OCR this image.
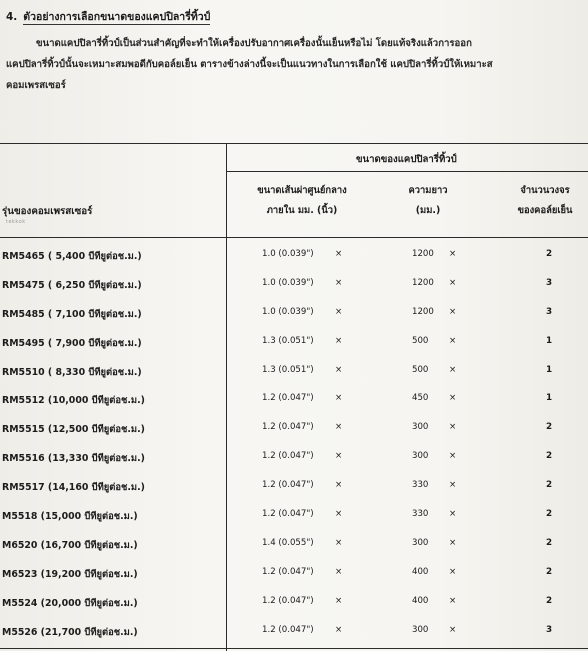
4. ตัวอย่างการเลือกขนาดของแคปปิลารี่ทิ้วป์
ขนาดแคปปิลารี่ทิ้วป์เป็นส่วนสำคัญที่จะทำให้เครื่องปรับอากาศเครื่องนั้นเย็นหรือไม่ โดยแท้จริงแล้วการออก
แคปปิลารี่ทิ้วป์นั้นจะเหมาะสมพอดีกับคอล์ยเย็น ตารางข้างล่างนี้จะเป็นแนวทางในการเลือกใช้ แคปปิลารี่ทิ้วป์ให้เหมาะส
คอมเพรสเซอร์
ขนาดของแคปปิลารี่ทิ้วป์
รุ่นของคอมเพรสเซอร์
tekkok
ขนาดเส้นผ่าศูนย์กลาง
ภายใน มม. (นิ้ว)
ความยาว
(มม.)
จำนวนวงจร
ของคอล์ยเย็น
RM5465 ( 5,400 บีทียูต่อช.ม.)	1.0 (0.039") ×	1200 ×	2
RM5475 ( 6,250 บีทียูต่อช.ม.)	1.0 (0.039") ×	1200 ×	3
RM5485 ( 7,100 บีทียูต่อช.ม.)	1.0 (0.039") ×	1200 ×	3
RM5495 ( 7,900 บีทียูต่อช.ม.)	1.3 (0.051") ×	500 ×	1
RM5510 ( 8,330 บีทียูต่อช.ม.)	1.3 (0.051") ×	500 ×	1
RM5512 (10,000 บีทียูต่อช.ม.)	1.2 (0.047") ×	450 ×	1
RM5515 (12,500 บีทียูต่อช.ม.)	1.2 (0.047") ×	300 ×	2
RM5516 (13,330 บีทียูต่อช.ม.)	1.2 (0.047") ×	300 ×	2
RM5517 (14,160 บีทียูต่อช.ม.)	1.2 (0.047") ×	330 ×	2
M5518 (15,000 บีทียูต่อช.ม.)	1.2 (0.047") ×	330 ×	2
M6520 (16,700 บีทียูต่อช.ม.)	1.4 (0.055") ×	300 ×	2
M6523 (19,200 บีทียูต่อช.ม.)	1.2 (0.047") ×	400 ×	2
M5524 (20,000 บีทียูต่อช.ม.)	1.2 (0.047") ×	400 ×	2
M5526 (21,700 บีทียูต่อช.ม.)	1.2 (0.047") ×	300 ×	3
